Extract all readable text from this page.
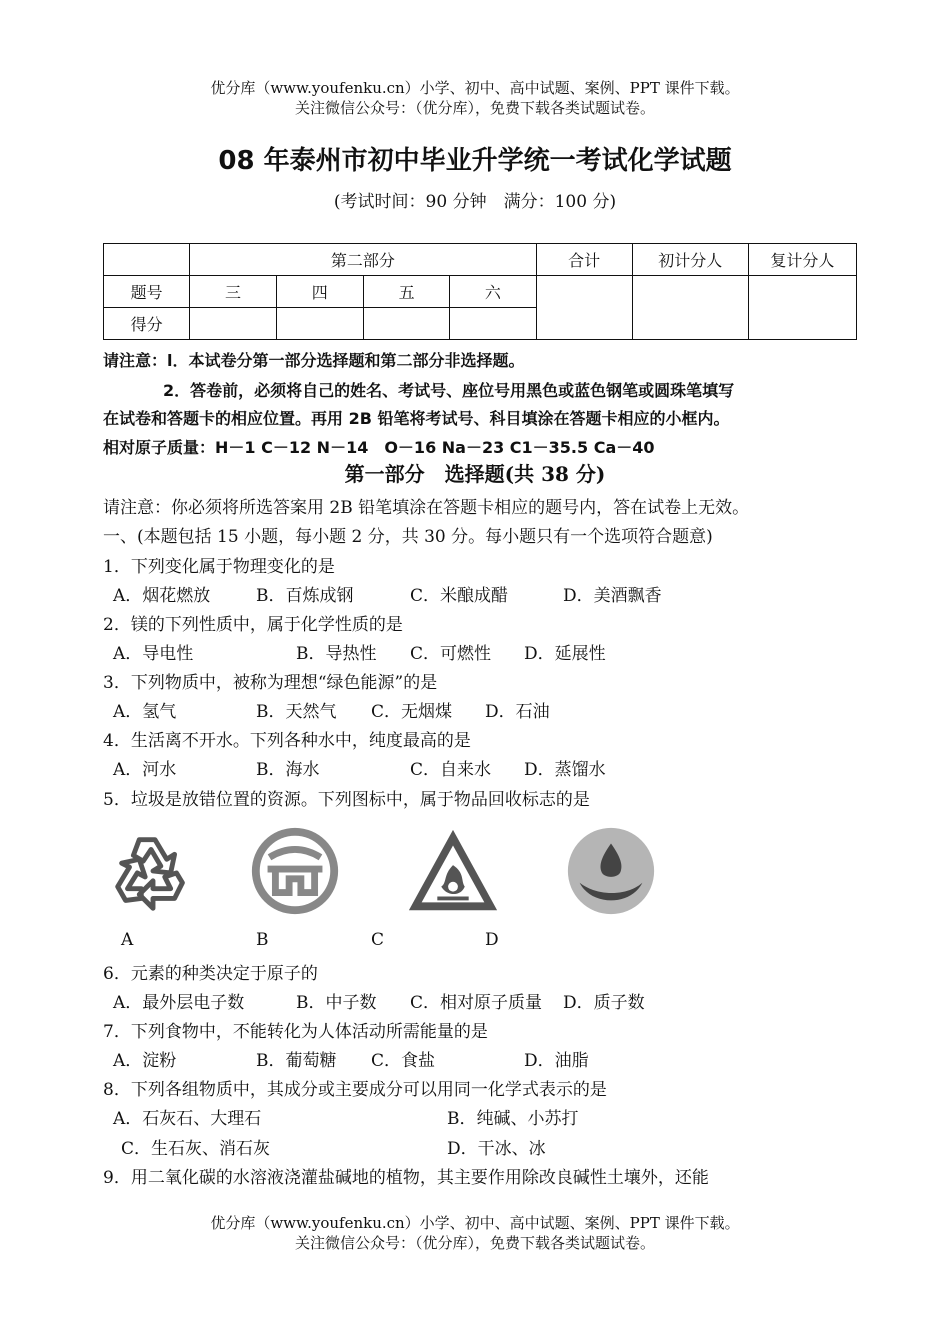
优分库（www.youfenku.cn）小学、初中、高中试题、案例、PPT 课件下载。
关注微信公众号：（优分库），免费下载各类试题试卷。
08 年泰州市初中毕业升学统一考试化学试题
(考试时间：90 分钟　满分：100 分)
	第二部分				合计	初计分人	复计分人
题号	三	四	五	六			
得分							
请注意：l．本试卷分第一部分选择题和第二部分非选择题。
2．答卷前，必须将自己的姓名、考试号、座位号用黑色或蓝色钢笔或圆珠笔填写
在试卷和答题卡的相应位置。再用 2B 铅笔将考试号、科目填涂在答题卡相应的小框内。
相对原子质量：H－1 C－12 N－14　O－16 Na－23 C1－35.5 Ca－40
第一部分　选择题(共 38 分)
请注意：你必须将所选答案用 2B 铅笔填涂在答题卡相应的题号内，答在试卷上无效。
一、(本题包括 15 小题，每小题 2 分，共 30 分。每小题只有一个选项符合题意)
1．下列变化属于物理变化的是
A．烟花燃放	B．百炼成钢	C．米酿成醋	D．美酒飘香
2．镁的下列性质中，属于化学性质的是
A．导电性	B．导热性 C．可燃性 D．延展性
3．下列物质中，被称为理想“绿色能源”的是
A．氢气	B．天然气 C．无烟煤 D．石油
4．生活离不开水。下列各种水中，纯度最高的是
A．河水	B．海水	C．自来水 D．蒸馏水
5．垃圾是放错位置的资源。下列图标中，属于物品回收标志的是
A	B	C	D
6．元素的种类决定于原子的
A．最外层电子数	B．中子数 C．相对原子质量 D．质子数
7．下列食物中，不能转化为人体活动所需能量的是
A．淀粉	B．葡萄糖 C．食盐	D．油脂
8．下列各组物质中，其成分或主要成分可以用同一化学式表示的是
A．石灰石、大理石	B．纯碱、小苏打
C．生石灰、消石灰	D．干冰、冰
9．用二氧化碳的水溶液浇灌盐碱地的植物，其主要作用除改良碱性土壤外，还能
优分库（www.youfenku.cn）小学、初中、高中试题、案例、PPT 课件下载。
关注微信公众号：（优分库），免费下载各类试题试卷。
